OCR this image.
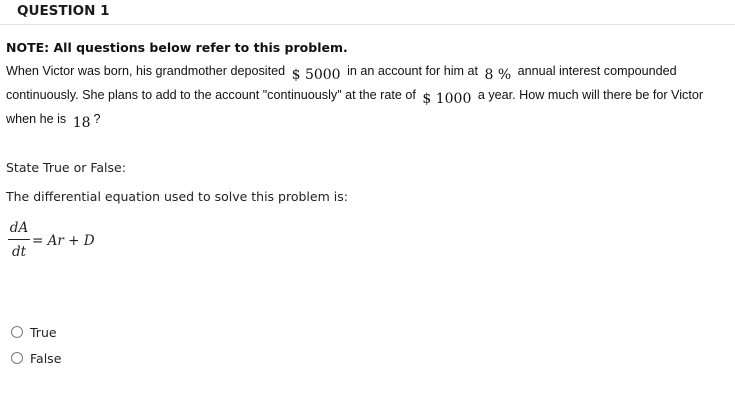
QUESTION 1
NOTE: All questions below refer to this problem.
When Victor was born, his grandmother deposited $ 5000 in an account for him at 8 % annual interest compounded
continuously. She plans to add to the account "continuously" at the rate of $ 1000 a year. How much will there be for Victor
when he is 18 ?
State True or False:
The differential equation used to solve this problem is:
dA
dt
= Ar + D
True
False
